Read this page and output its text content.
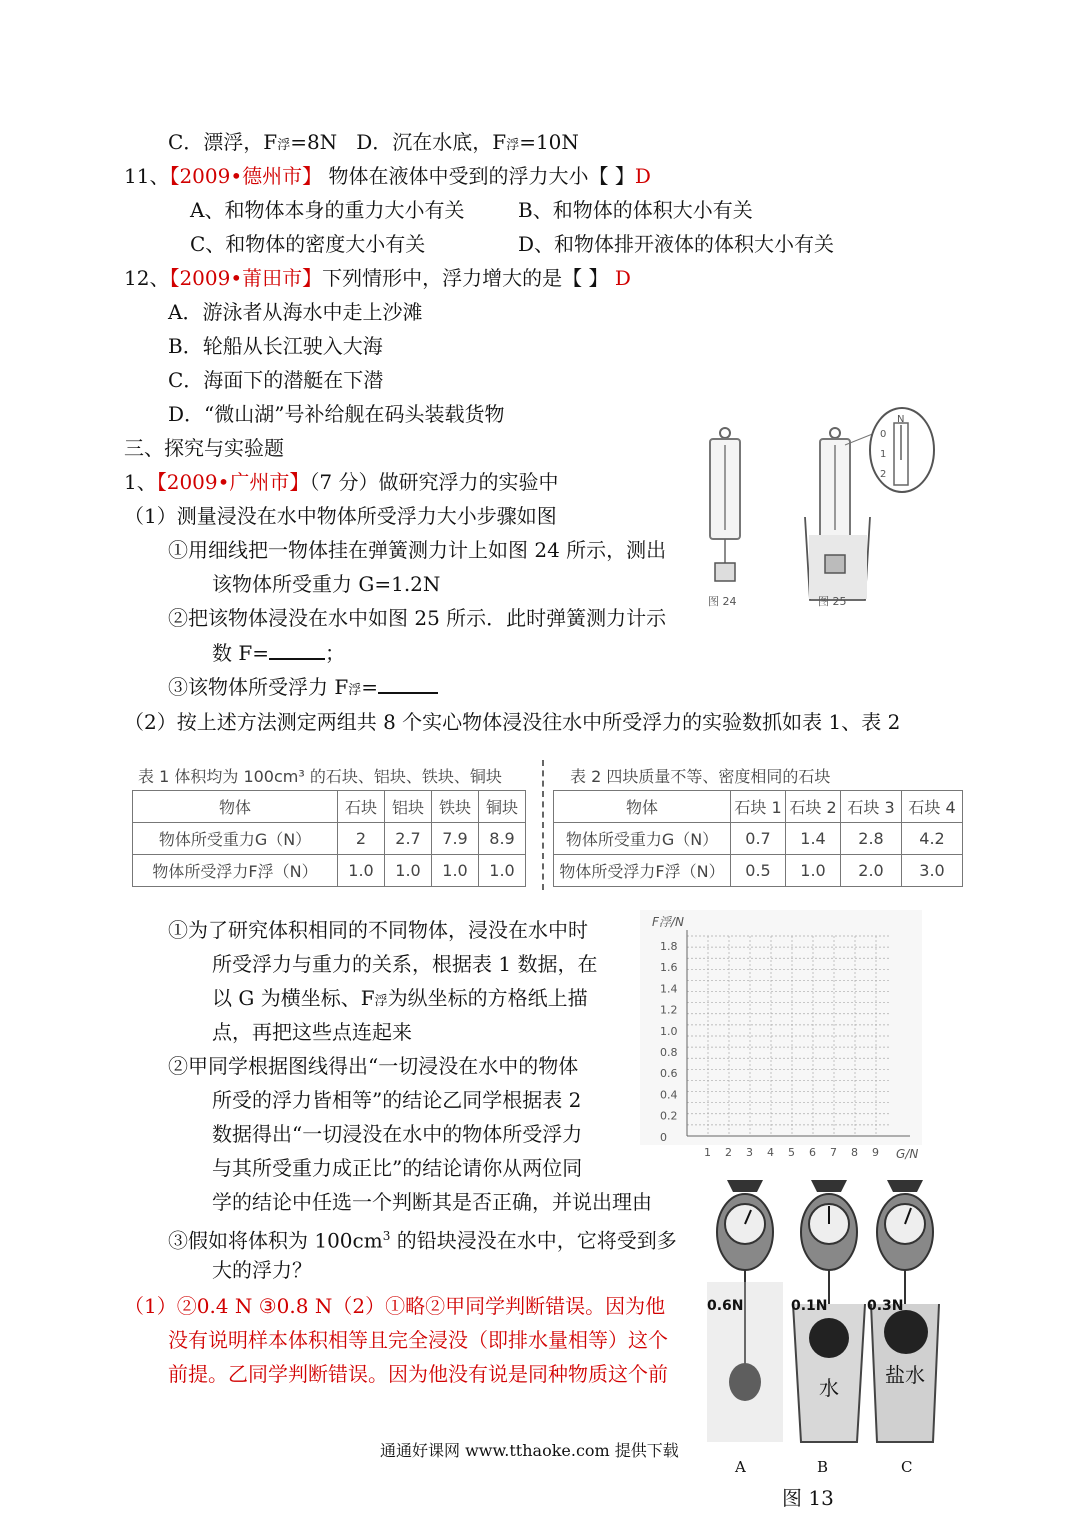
C．漂浮，F浮=8N D．沉在水底，F浮=10N
11、【2009•德州市】 物体在液体中受到的浮力大小【 】D
A、和物体本身的重力大小有关	B、和物体的体积大小有关
C、和物体的密度大小有关	D、和物体排开液体的体积大小有关
12、【2009•莆田市】下列情形中，浮力增大的是【 】 D
A．游泳者从海水中走上沙滩
B．轮船从长江驶入大海
C．海面下的潜艇在下潜
D．“微山湖”号补给舰在码头装载货物
三、探究与实验题
1、【2009•广州市】（7 分）做研究浮力的实验中
（1）测量浸没在水中物体所受浮力大小步骤如图
①用细线把一物体挂在弹簧测力计上如图 24 所示，测出
该物体所受重力 G=1.2N
②把该物体浸没在水中如图 25 所示．此时弹簧测力计示
数 F=	；
③该物体所受浮力 F浮=
（2）按上述方法测定两组共 8 个实心物体浸没往水中所受浮力的实验数抓如表 1、表 2
图 24
N
0
1
2
图 25
表 1 体积均为 100cm³ 的石块、铝块、铁块、铜块
物体	石块	铝块	铁块	铜块
物体所受重力G（N）	2	2.7	7.9	8.9
物体所受浮力F浮（N）	1.0	1.0	1.0	1.0
表 2 四块质量不等、密度相同的石块
物体	石块 1	石块 2	石块 3	石块 4
物体所受重力G（N）	0.7	1.4	2.8	4.2
物体所受浮力F浮（N）	0.5	1.0	2.0	3.0
①为了研究体积相同的不同物体，浸没在水中时
所受浮力与重力的关系，根据表 1 数据，在
以 G 为横坐标、F浮为纵坐标的方格纸上描
点，再把这些点连起来
②甲同学根据图线得出“一切浸没在水中的物体
所受的浮力皆相等”的结论乙同学根据表 2
数据得出“一切浸没在水中的物体所受浮力
与其所受重力成正比”的结论请你从两位同
学的结论中任选一个判断其是否正确，并说出理由
③假如将体积为 $100cm^3$ 的铅块浸没在水中，它将受到多
大的浮力？
（1）②0.4 N ③0.8 N（2）①略②甲同学判断错误。因为他
没有说明样本体积相等且完全浸没（即排水量相等）这个
前提。乙同学判断错误。因为他没有说是同种物质这个前
1.8
1.6
1.4
1.2
1.0
0.8
0.6
0.4
0.2
0
1 2 3 4 5 6 7 8 9
F浮/N
G/N
0.6N	0.1N	0.3N
水
盐水
A	B	C
图 13
通通好课网 www.tthaoke.com 提供下载
